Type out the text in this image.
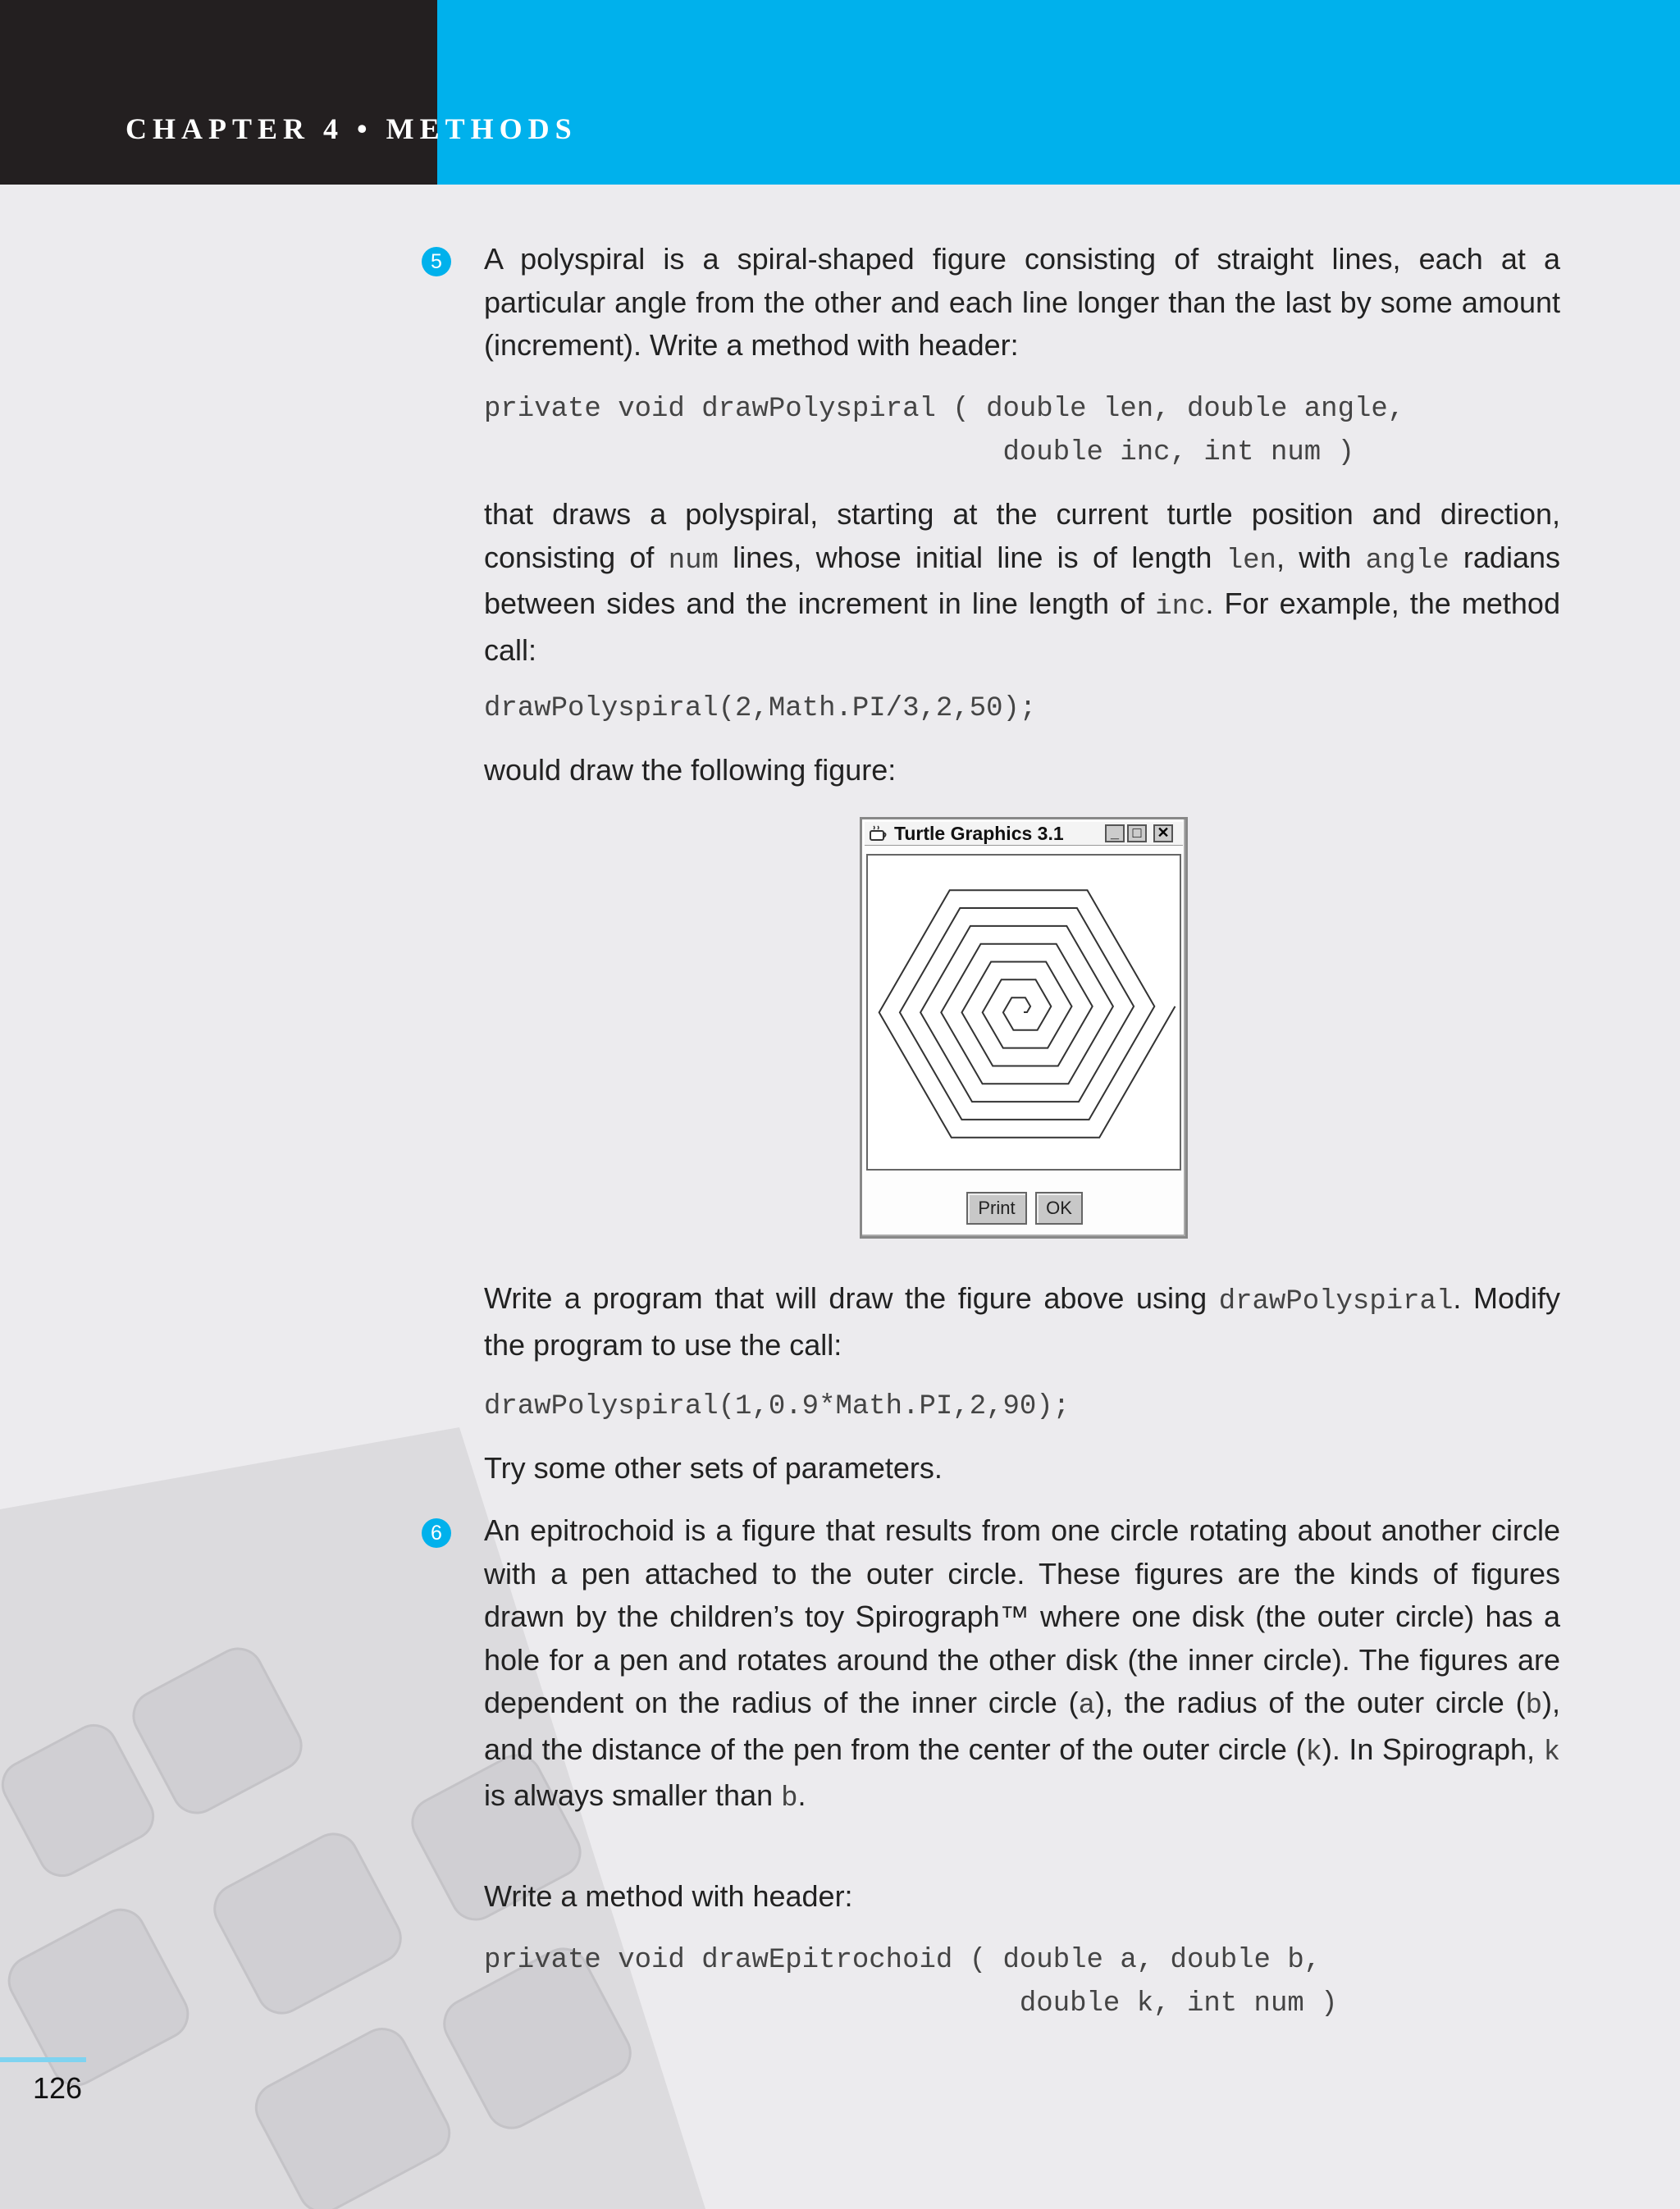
CHAPTER 4 • METHODS
5	A polyspiral is a spiral-shaped figure consisting of straight lines, each at a particular angle from the other and each line longer than the last by some amount (increment). Write a method with header:

private void drawPolyspiral ( double len, double angle,
double inc, int num )

that draws a polyspiral, starting at the current turtle position and direction, consisting of num lines, whose initial line is of length len, with angle radians between sides and the increment in line length of inc. For example, the method call:

drawPolyspiral(2,Math.PI/3,2,50);

would draw the following figure:

Turtle Graphics 3.1	_ □	✕
Print	OK

Write a program that will draw the figure above using drawPolyspiral. Modify the program to use the call:

drawPolyspiral(1,0.9*Math.PI,2,90);

Try some other sets of parameters.

6	An epitrochoid is a figure that results from one circle rotating about another circle with a pen attached to the outer circle. These figures are the kinds of figures drawn by the children’s toy Spirograph™ where one disk (the outer circle) has a hole for a pen and rotates around the other disk (the inner circle). The figures are dependent on the radius of the inner circle (a), the radius of the outer circle (b), and the distance of the pen from the center of the outer circle (k). In Spirograph, k is always smaller than b.

Write a method with header:

private void drawEpitrochoid ( double a, double b,
double k, int num )
126
